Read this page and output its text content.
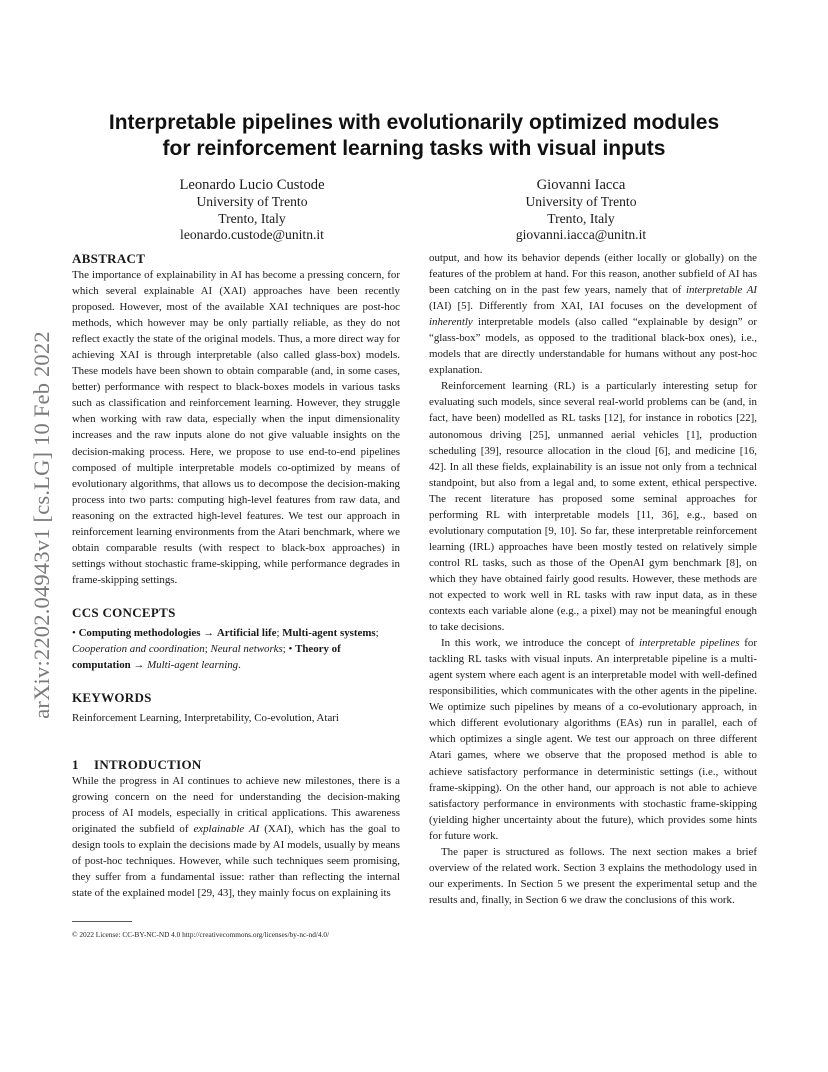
arXiv:2202.04943v1 [cs.LG] 10 Feb 2022
Interpretable pipelines with evolutionarily optimized modules
for reinforcement learning tasks with visual inputs
Leonardo Lucio Custode
University of Trento
Trento, Italy
leonardo.custode@unitn.it
Giovanni Iacca
University of Trento
Trento, Italy
giovanni.iacca@unitn.it
ABSTRACT

The importance of explainability in AI has become a pressing concern, for which several explainable AI (XAI) approaches have been recently proposed. However, most of the available XAI techniques are post-hoc methods, which however may be only partially reliable, as they do not reflect exactly the state of the original models. Thus, a more direct way for achieving XAI is through interpretable (also called glass-box) models. These models have been shown to obtain comparable (and, in some cases, better) performance with respect to black-boxes models in various tasks such as classification and reinforcement learning. However, they struggle when working with raw data, especially when the input dimensionality increases and the raw inputs alone do not give valuable insights on the decision-making process. Here, we propose to use end-to-end pipelines composed of multiple interpretable models co-optimized by means of evolutionary algorithms, that allows us to decompose the decision-making process into two parts: computing high-level features from raw data, and reasoning on the extracted high-level features. We test our approach in reinforcement learning environments from the Atari benchmark, where we obtain comparable results (with respect to black-box approaches) in settings without stochastic frame-skipping, while performance degrades in frame-skipping settings.

CCS CONCEPTS

• Computing methodologies → Artificial life; Multi-agent systems; Cooperation and coordination; Neural networks; • Theory of computation → Multi-agent learning.

KEYWORDS

Reinforcement Learning, Interpretability, Co-evolution, Atari

1 INTRODUCTION

While the progress in AI continues to achieve new milestones, there is a growing concern on the need for understanding the decision-making process of AI models, especially in critical applications. This awareness originated the subfield of explainable AI (XAI), which has the goal to design tools to explain the decisions made by AI models, usually by means of post-hoc techniques. However, while such techniques seem promising, they suffer from a fundamental issue: rather than reflecting the internal state of the explained model [29, 43], they mainly focus on explaining its

© 2022 License: CC-BY-NC-ND 4.0 http://creativecommons.org/licenses/by-nc-nd/4.0/

output, and how its behavior depends (either locally or globally) on the features of the problem at hand. For this reason, another subfield of AI has been catching on in the past few years, namely that of interpretable AI (IAI) [5]. Differently from XAI, IAI focuses on the development of inherently interpretable models (also called “explainable by design” or “glass-box” models, as opposed to the traditional black-box ones), i.e., models that are directly understandable for humans without any post-hoc explanation.

Reinforcement learning (RL) is a particularly interesting setup for evaluating such models, since several real-world problems can be (and, in fact, have been) modelled as RL tasks [12], for instance in robotics [22], autonomous driving [25], unmanned aerial vehicles [1], production scheduling [39], resource allocation in the cloud [6], and medicine [16, 42]. In all these fields, explainability is an issue not only from a technical standpoint, but also from a legal and, to some extent, ethical perspective. The recent literature has proposed some seminal approaches for performing RL with interpretable models [11, 36], e.g., based on evolutionary computation [9, 10]. So far, these interpretable reinforcement learning (IRL) approaches have been mostly tested on relatively simple control RL tasks, such as those of the OpenAI gym benchmark [8], on which they have obtained fairly good results. However, these methods are not expected to work well in RL tasks with raw input data, as in these contexts each variable alone (e.g., a pixel) may not be meaningful enough to take decisions.

In this work, we introduce the concept of interpretable pipelines for tackling RL tasks with visual inputs. An interpretable pipeline is a multi-agent system where each agent is an interpretable model with well-defined responsibilities, which communicates with the other agents in the pipeline. We optimize such pipelines by means of a co-evolutionary approach, in which different evolutionary algorithms (EAs) run in parallel, each of which optimizes a single agent. We test our approach on three different Atari games, where we observe that the proposed method is able to achieve satisfactory performance in deterministic settings (i.e., without frame-skipping). On the other hand, our approach is not able to achieve satisfactory performance in environments with stochastic frame-skipping (yielding higher uncertainty about the future), which provides some hints for future work.

The paper is structured as follows. The next section makes a brief overview of the related work. Section 3 explains the methodology used in our experiments. In Section 5 we present the experimental setup and the results and, finally, in Section 6 we draw the conclusions of this work.
